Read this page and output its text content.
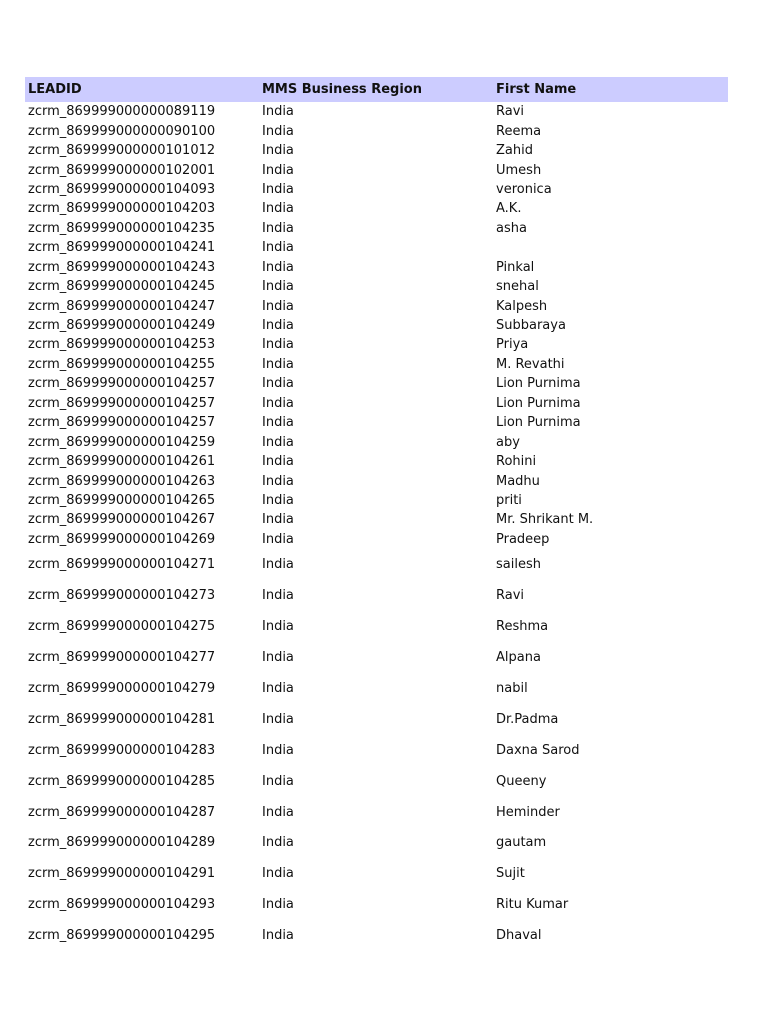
LEADID	MMS Business Region	First Name
zcrm_869999000000089119	India	Ravi
zcrm_869999000000090100	India	Reema
zcrm_869999000000101012	India	Zahid
zcrm_869999000000102001	India	Umesh
zcrm_869999000000104093	India	veronica
zcrm_869999000000104203	India	A.K.
zcrm_869999000000104235	India	asha
zcrm_869999000000104241	India
zcrm_869999000000104243	India	Pinkal
zcrm_869999000000104245	India	snehal
zcrm_869999000000104247	India	Kalpesh
zcrm_869999000000104249	India	Subbaraya
zcrm_869999000000104253	India	Priya
zcrm_869999000000104255	India	M. Revathi
zcrm_869999000000104257	India	Lion Purnima
zcrm_869999000000104257	India	Lion Purnima
zcrm_869999000000104257	India	Lion Purnima
zcrm_869999000000104259	India	aby
zcrm_869999000000104261	India	Rohini
zcrm_869999000000104263	India	Madhu
zcrm_869999000000104265	India	priti
zcrm_869999000000104267	India	Mr. Shrikant M.
zcrm_869999000000104269	India	Pradeep
zcrm_869999000000104271	India	sailesh
zcrm_869999000000104273	India	Ravi
zcrm_869999000000104275	India	Reshma
zcrm_869999000000104277	India	Alpana
zcrm_869999000000104279	India	nabil
zcrm_869999000000104281	India	Dr.Padma
zcrm_869999000000104283	India	Daxna Sarod
zcrm_869999000000104285	India	Queeny
zcrm_869999000000104287	India	Heminder
zcrm_869999000000104289	India	gautam
zcrm_869999000000104291	India	Sujit
zcrm_869999000000104293	India	Ritu Kumar
zcrm_869999000000104295	India	Dhaval
